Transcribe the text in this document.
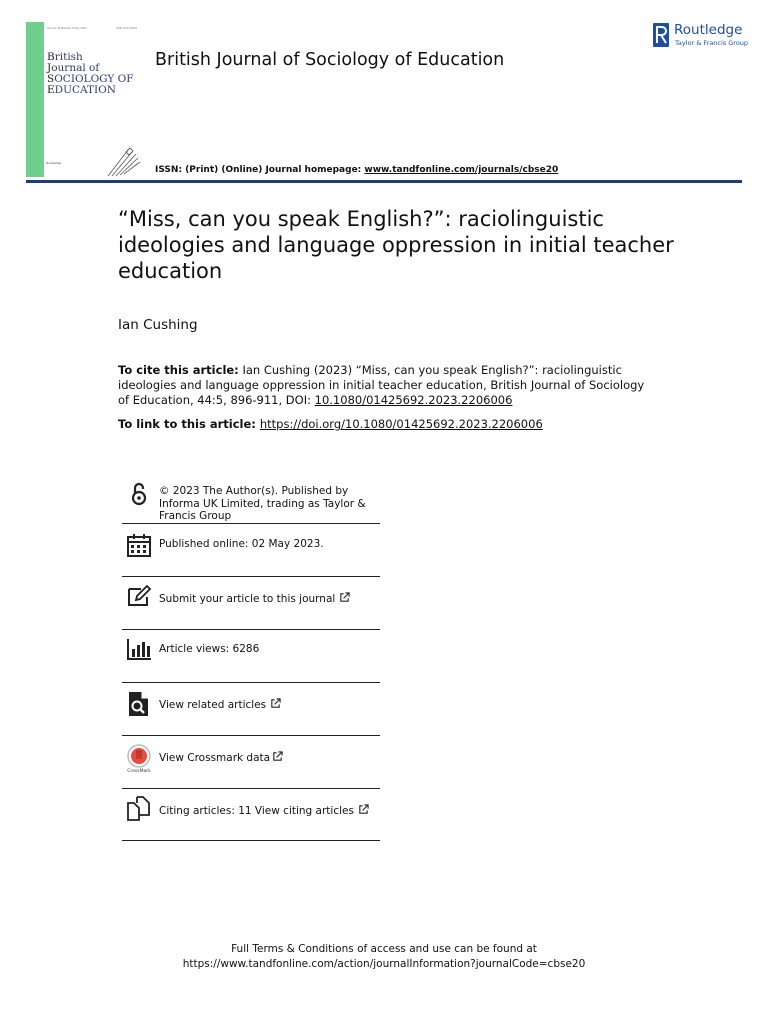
Volume 44 Number 5 May 2023	ISSN: 0142-5692
British
Journal of
SOCIOLOGY OF
EDUCATION
Routledge
British Journal of Sociology of Education
Routledge
Taylor & Francis Group
ISSN: (Print) (Online) Journal homepage: www.tandfonline.com/journals/cbse20
“Miss, can you speak English?”: raciolinguistic ideologies and language oppression in initial teacher education
Ian Cushing
To cite this article: Ian Cushing (2023) “Miss, can you speak English?”: raciolinguistic ideologies and language oppression in initial teacher education, British Journal of Sociology of Education, 44:5, 896-911, DOI: 10.1080/01425692.2023.2206006
To link to this article: https://doi.org/10.1080/01425692.2023.2206006
© 2023 The Author(s). Published by Informa UK Limited, trading as Taylor & Francis Group
Published online: 02 May 2023.
Submit your article to this journal
Article views: 6286
View related articles
CrossMark
View Crossmark data
Citing articles: 11 View citing articles
Full Terms & Conditions of access and use can be found at
https://www.tandfonline.com/action/journalInformation?journalCode=cbse20
